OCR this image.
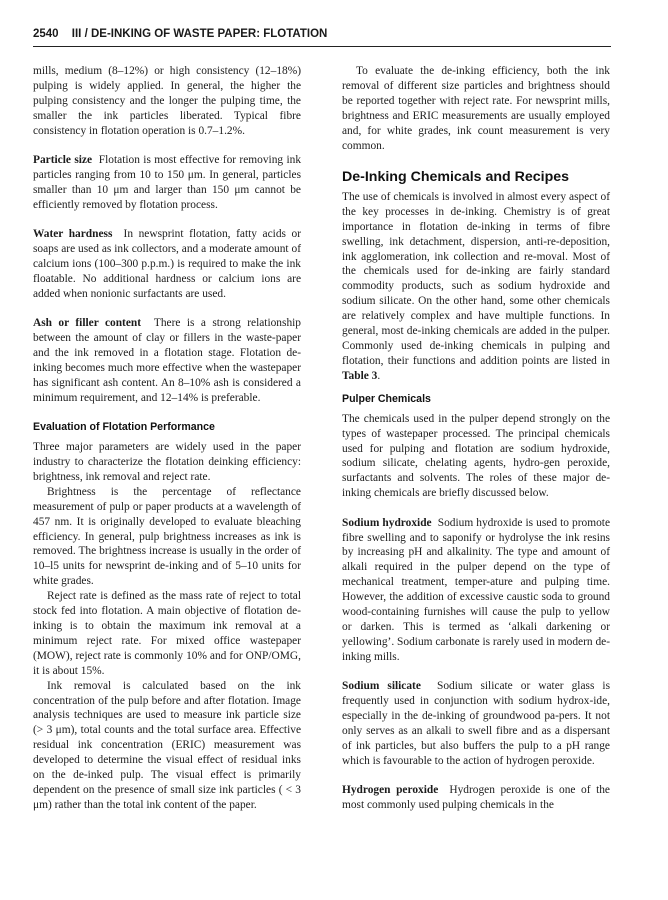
2540 III / DE-INKING OF WASTE PAPER: FLOTATION

mills, medium (8–12%) or high consistency (12–18%) pulping is widely applied. In general, the higher the pulping consistency and the longer the pulping time, the smaller the ink particles liberated. Typical fibre consistency in flotation operation is 0.7–1.2%.

Particle size Flotation is most effective for removing ink particles ranging from 10 to 150 μm. In general, particles smaller than 10 μm and larger than 150 μm cannot be efficiently removed by flotation process.

Water hardness In newsprint flotation, fatty acids or soaps are used as ink collectors, and a moderate amount of calcium ions (100–300 p.p.m.) is required to make the ink floatable. No additional hardness or calcium ions are added when nonionic surfactants are used.

Ash or filler content There is a strong relationship between the amount of clay or fillers in the waste-paper and the ink removed in a flotation stage. Flotation de-inking becomes much more effective when the wastepaper has significant ash content. An 8–10% ash is considered a minimum requirement, and 12–14% is preferable.

Evaluation of Flotation Performance

Three major parameters are widely used in the paper industry to characterize the flotation deinking efficiency: brightness, ink removal and reject rate.

Brightness is the percentage of reflectance measurement of pulp or paper products at a wavelength of 457 nm. It is originally developed to evaluate bleaching efficiency. In general, pulp brightness increases as ink is removed. The brightness increase is usually in the order of 10–l5 units for newsprint de-inking and of 5–10 units for white grades.

Reject rate is defined as the mass rate of reject to total stock fed into flotation. A main objective of flotation de-inking is to obtain the maximum ink removal at a minimum reject rate. For mixed office wastepaper (MOW), reject rate is commonly 10% and for ONP/OMG, it is about 15%.

Ink removal is calculated based on the ink concentration of the pulp before and after flotation. Image analysis techniques are used to measure ink particle size (> 3 μm), total counts and the total surface area. Effective residual ink concentration (ERIC) measurement was developed to determine the visual effect of residual inks on the de-inked pulp. The visual effect is primarily dependent on the presence of small size ink particles ( < 3 μm) rather than the total ink content of the paper.

To evaluate the de-inking efficiency, both the ink removal of different size particles and brightness should be reported together with reject rate. For newsprint mills, brightness and ERIC measurements are usually employed and, for white grades, ink count measurement is very common.

De-Inking Chemicals and Recipes

The use of chemicals is involved in almost every aspect of the key processes in de-inking. Chemistry is of great importance in flotation de-inking in terms of fibre swelling, ink detachment, dispersion, anti-re-deposition, ink agglomeration, ink collection and re-moval. Most of the chemicals used for de-inking are fairly standard commodity products, such as sodium hydroxide and sodium silicate. On the other hand, some other chemicals are relatively complex and have multiple functions. In general, most de-inking chemicals are added in the pulper. Commonly used de-inking chemicals in pulping and flotation, their functions and addition points are listed in Table 3.

Pulper Chemicals

The chemicals used in the pulper depend strongly on the types of wastepaper processed. The principal chemicals used for pulping and flotation are sodium hydroxide, sodium silicate, chelating agents, hydro-gen peroxide, surfactants and solvents. The roles of these major de-inking chemicals are briefly discussed below.

Sodium hydroxide Sodium hydroxide is used to promote fibre swelling and to saponify or hydrolyse the ink resins by increasing pH and alkalinity. The type and amount of alkali required in the pulper depend on the type of mechanical treatment, temper-ature and pulping time. However, the addition of excessive caustic soda to ground wood-containing furnishes will cause the pulp to yellow or darken. This is termed as ‘alkali darkening or yellowing’. Sodium carbonate is rarely used in modern de-inking mills.

Sodium silicate Sodium silicate or water glass is frequently used in conjunction with sodium hydrox-ide, especially in the de-inking of groundwood pa-pers. It not only serves as an alkali to swell fibre and as a dispersant of ink particles, but also buffers the pulp to a pH range which is favourable to the action of hydrogen peroxide.

Hydrogen peroxide Hydrogen peroxide is one of the most commonly used pulping chemicals in the
